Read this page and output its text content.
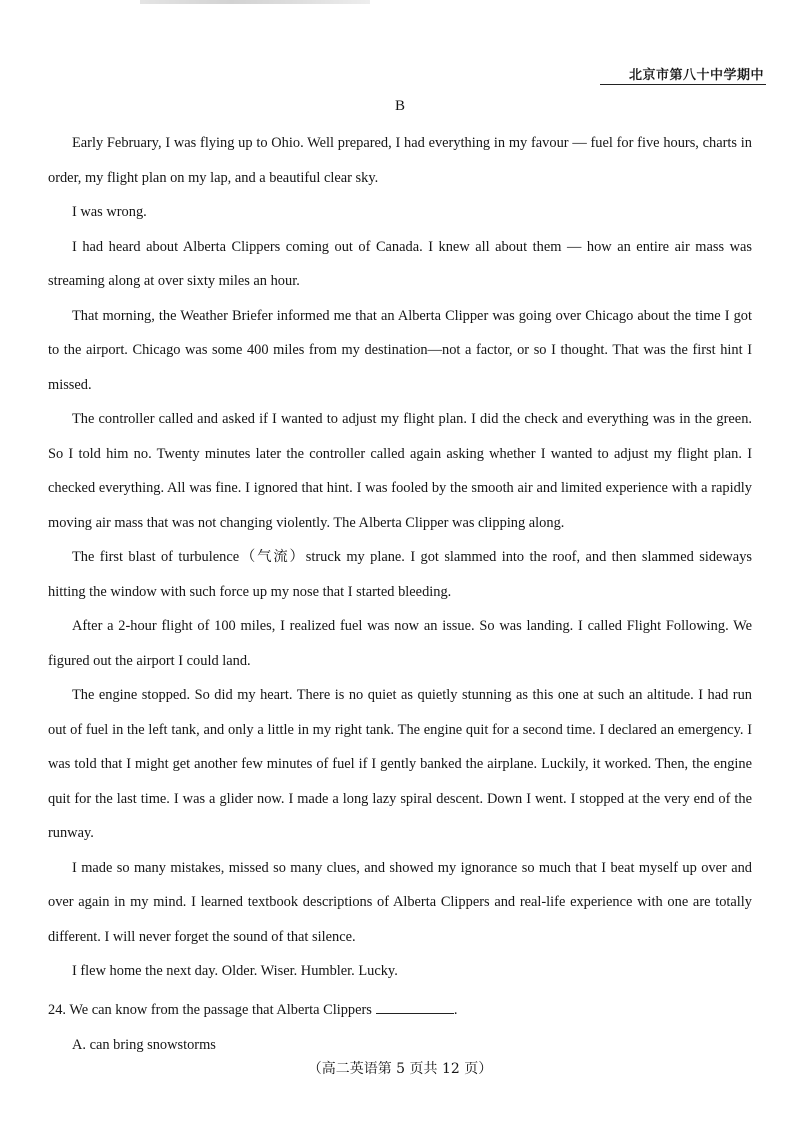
北京市第八十中学期中
B

Early February, I was flying up to Ohio. Well prepared, I had everything in my favour — fuel for five hours, charts in order, my flight plan on my lap, and a beautiful clear sky.

I was wrong.

I had heard about Alberta Clippers coming out of Canada. I knew all about them — how an entire air mass was streaming along at over sixty miles an hour.

That morning, the Weather Briefer informed me that an Alberta Clipper was going over Chicago about the time I got to the airport. Chicago was some 400 miles from my destination—not a factor, or so I thought. That was the first hint I missed.

The controller called and asked if I wanted to adjust my flight plan. I did the check and everything was in the green. So I told him no. Twenty minutes later the controller called again asking whether I wanted to adjust my flight plan. I checked everything. All was fine. I ignored that hint. I was fooled by the smooth air and limited experience with a rapidly moving air mass that was not changing violently. The Alberta Clipper was clipping along.

The first blast of turbulence（气流）struck my plane. I got slammed into the roof, and then slammed sideways hitting the window with such force up my nose that I started bleeding.

After a 2-hour flight of 100 miles, I realized fuel was now an issue. So was landing. I called Flight Following. We figured out the airport I could land.

The engine stopped. So did my heart. There is no quiet as quietly stunning as this one at such an altitude. I had run out of fuel in the left tank, and only a little in my right tank. The engine quit for a second time. I declared an emergency. I was told that I might get another few minutes of fuel if I gently banked the airplane. Luckily, it worked. Then, the engine quit for the last time. I was a glider now. I made a long lazy spiral descent. Down I went. I stopped at the very end of the runway.

I made so many mistakes, missed so many clues, and showed my ignorance so much that I beat myself up over and over again in my mind. I learned textbook descriptions of Alberta Clippers and real-life experience with one are totally different. I will never forget the sound of that silence.

I flew home the next day. Older. Wiser. Humbler. Lucky.

24. We can know from the passage that Alberta Clippers	.
A. can bring snowstorms
（高二英语第 5 页共 12 页）
